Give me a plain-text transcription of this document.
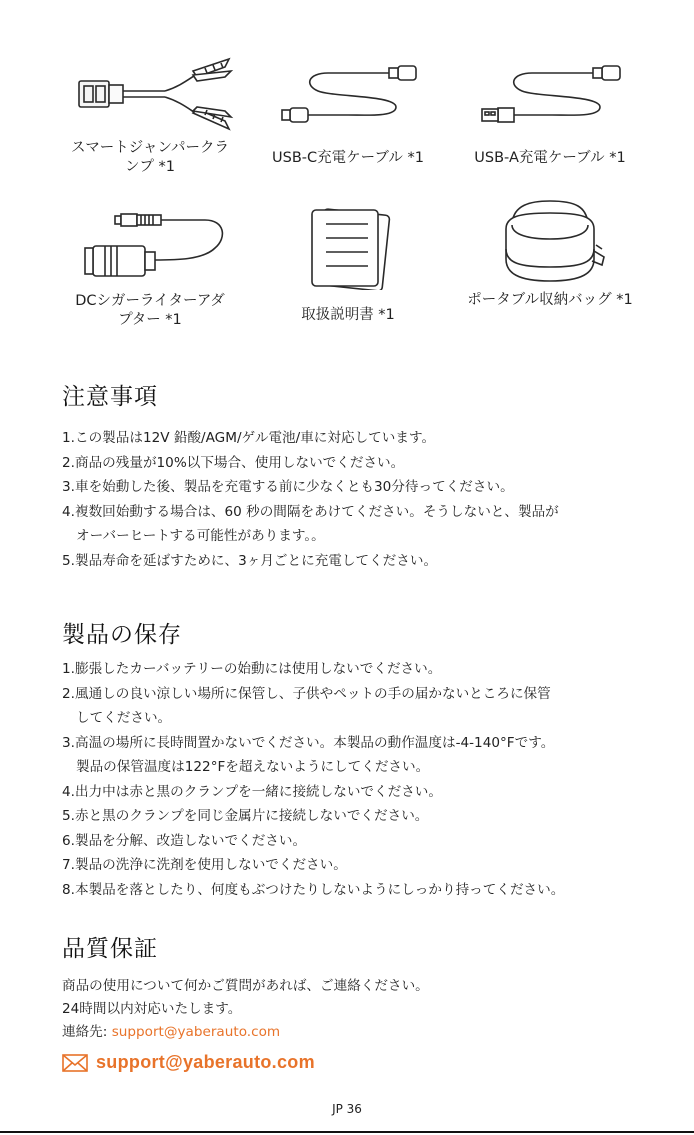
スマートジャンパークラ
ンプ *1
USB-C充電ケーブル *1	USB-A充電ケーブル *1
DCシガーライターアダ
プター *1	取扱説明書 *1
ポータブル収納バッグ *1
注意事項
1.この製品は12V 鉛酸/AGM/ゲル電池/車に対応しています。
2.商品の残量が10%以下場合、使用しないでください。
3.車を始動した後、製品を充電する前に少なくとも30分待ってください。
4.複数回始動する場合は、60 秒の間隔をあけてください。そうしないと、製品が
オーバーヒートする可能性があります。。
5.製品寿命を延ばすために、3ヶ月ごとに充電してください。
製品の保存
1.膨張したカーバッテリーの始動には使用しないでください。
2.風通しの良い涼しい場所に保管し、子供やペットの手の届かないところに保管
してください。
3.高温の場所に長時間置かないでください。本製品の動作温度は-4-140°Fです。
製品の保管温度は122°Fを超えないようにしてください。
4.出力中は赤と黒のクランプを一緒に接続しないでください。
5.赤と黒のクランプを同じ金属片に接続しないでください。
6.製品を分解、改造しないでください。
7.製品の洗浄に洗剤を使用しないでください。
8.本製品を落としたり、何度もぶつけたりしないようにしっかり持ってください。
品質保証
商品の使用について何かご質問があれば、ご連絡ください。
24時間以内対応いたします。
連絡先: support@yaberauto.com
support@yaberauto.com
JP 36
